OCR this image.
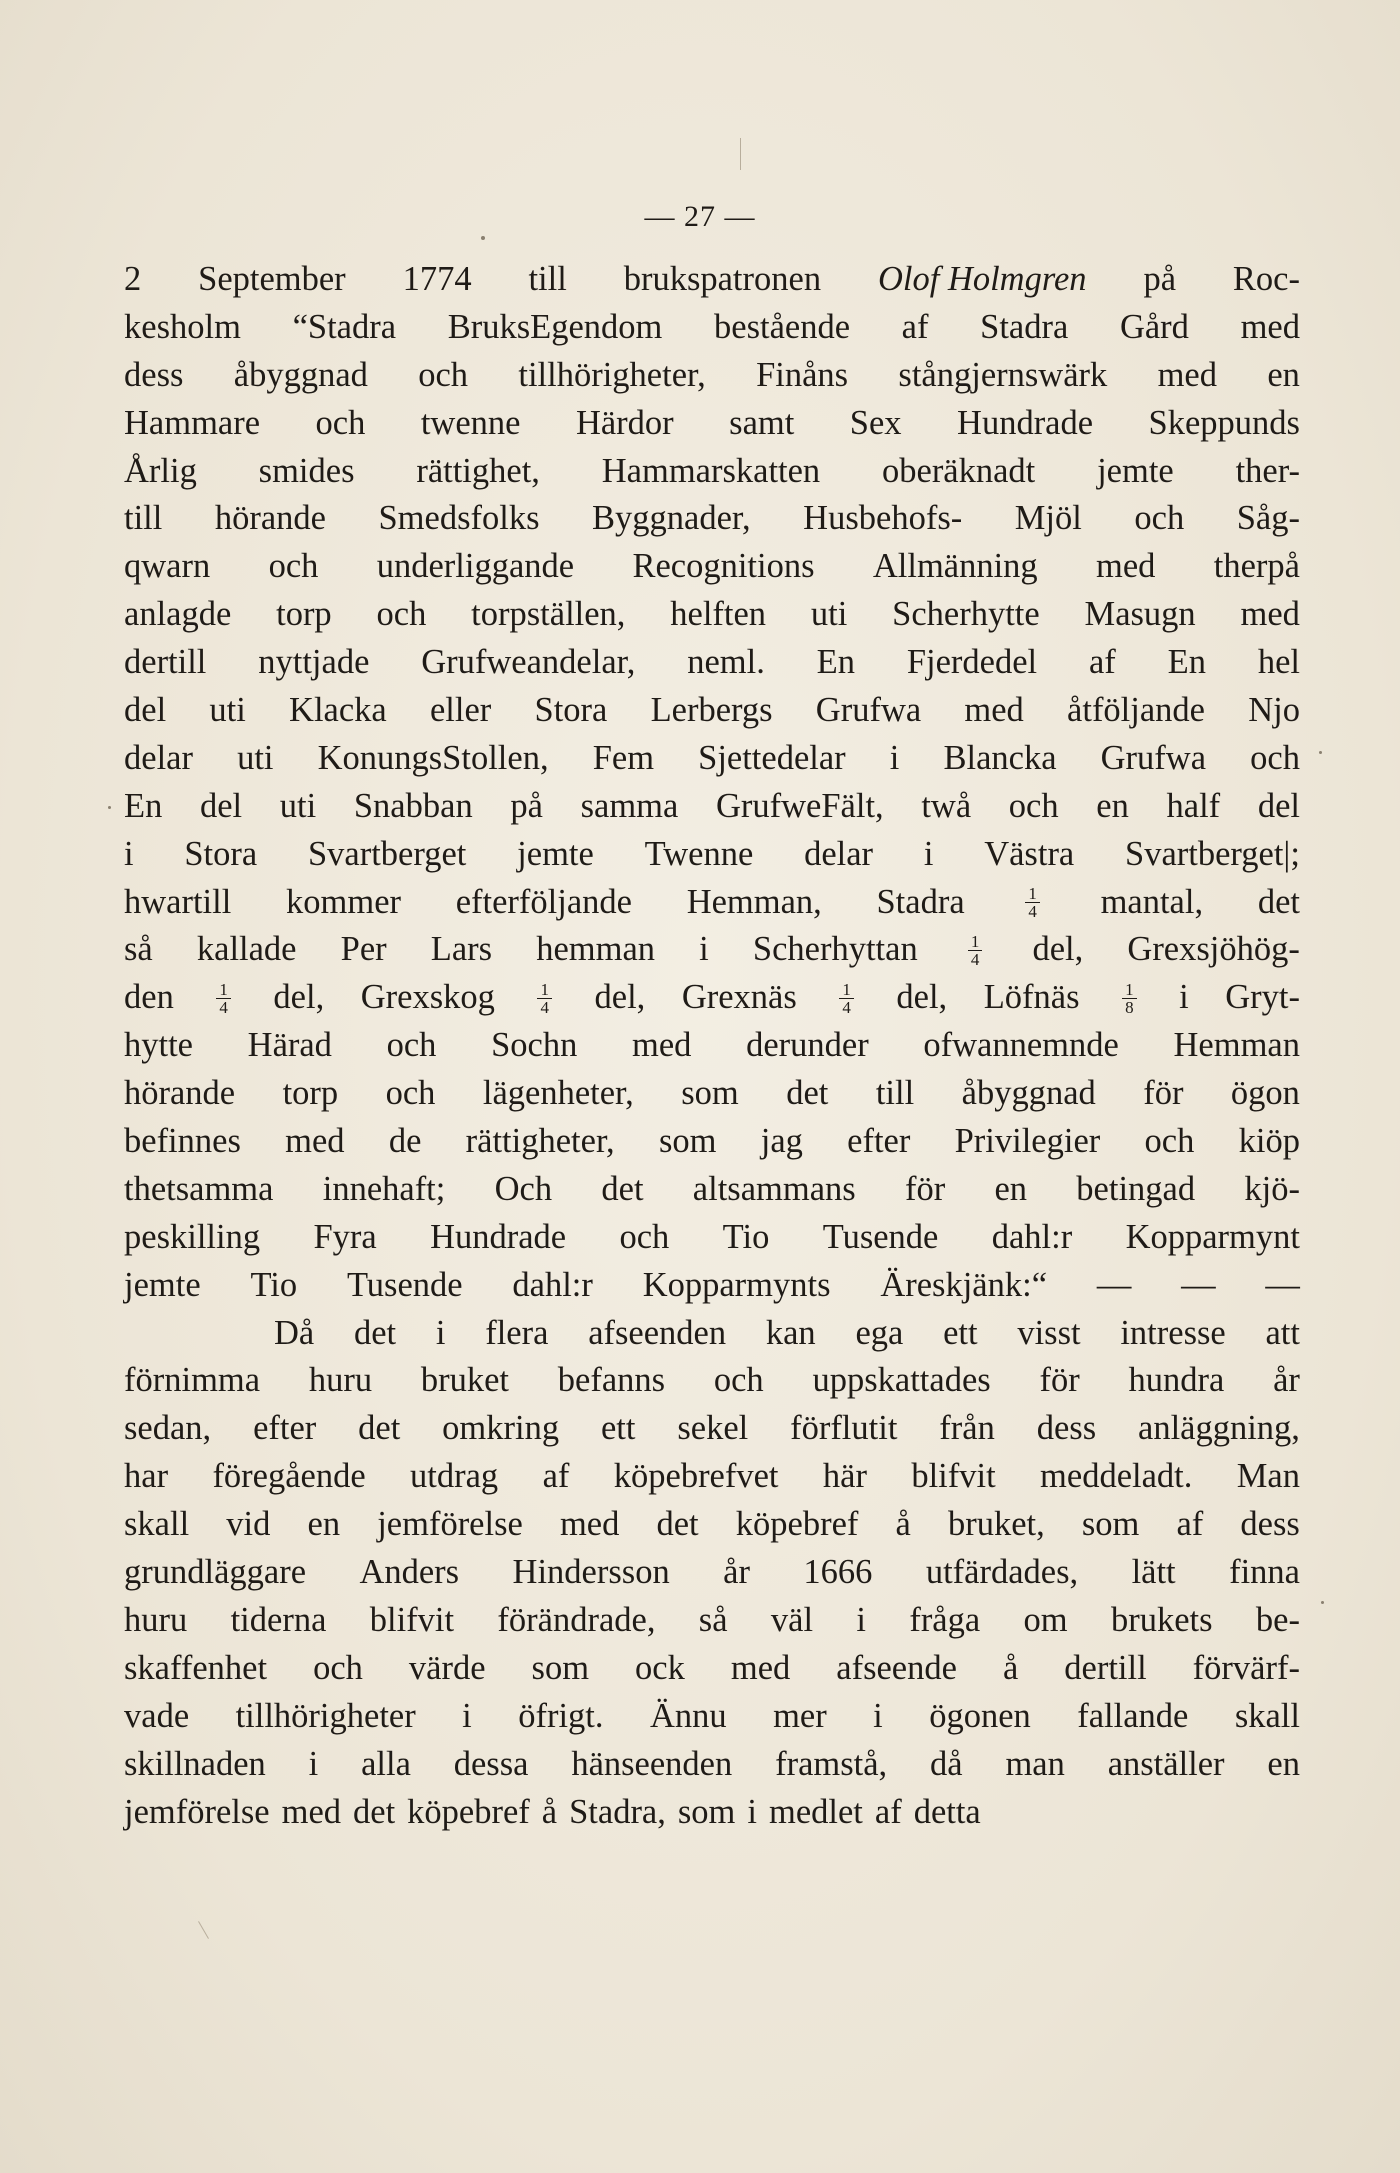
— 27 —
2 September 1774 till brukspatronen Olof Holmgren på Roc-
kesholm “Stadra BruksEgendom bestående af Stadra Gård med
dess åbyggnad och tillhörigheter, Finåns stångjernswärk med en
Hammare och twenne Härdor samt Sex Hundrade Skeppunds
Årlig smides rättighet, Hammarskatten oberäknadt jemte ther-
till hörande Smedsfolks Byggnader, Husbehofs- Mjöl och Såg-
qwarn och underliggande Recognitions Allmänning med therpå
anlagde torp och torpställen, helften uti Scherhytte Masugn med
dertill nyttjade Grufweandelar, neml. En Fjerdedel af En hel
del uti Klacka eller Stora Lerbergs Grufwa med åtföljande Njo
delar uti KonungsStollen, Fem Sjettedelar i Blancka Grufwa och
En del uti Snabban på samma GrufweFält, twå och en half del
i Stora Svartberget jemte Twenne delar i Västra Svartberget|;
hwartill kommer efterföljande Hemman, Stadra	$\frac{1}{4}$ mantal, det
så kallade Per Lars hemman i Scherhyttan	$\frac{1}{4}$ del, Grexsjöhög-
den	$\frac{1}{4}$ del, Grexskog	$\frac{1}{4}$ del, Grexnäs	$\frac{1}{4}$ del, Löfnäs	$\frac{1}{8}$ i Gryt-
hytte Härad och Sochn med derunder ofwannemnde Hemman
hörande torp och lägenheter, som det till åbyggnad för ögon
befinnes med de rättigheter, som jag efter Privilegier och kiöp
thetsamma innehaft; Och det altsammans för en betingad kjö-
peskilling Fyra Hundrade och Tio Tusende dahl:r Kopparmynt
jemte Tio Tusende dahl:r Kopparmynts Äreskjänk:“ — — —
Då det i flera afseenden kan ega ett visst intresse att
förnimma huru bruket befanns och uppskattades för hundra år
sedan, efter det omkring ett sekel förflutit från dess anläggning,
har föregående utdrag af köpebrefvet här blifvit meddeladt. Man
skall vid en jemförelse med det köpebref å bruket, som af dess
grundläggare Anders Hindersson år 1666 utfärdades, lätt finna
huru tiderna blifvit förändrade, så väl i fråga om brukets be-
skaffenhet och värde som ock med afseende å dertill förvärf-
vade tillhörigheter i öfrigt. Ännu mer i ögonen fallande skall
skillnaden i alla dessa hänseenden framstå, då man anställer en
jemförelse med det köpebref å Stadra, som i medlet af detta
